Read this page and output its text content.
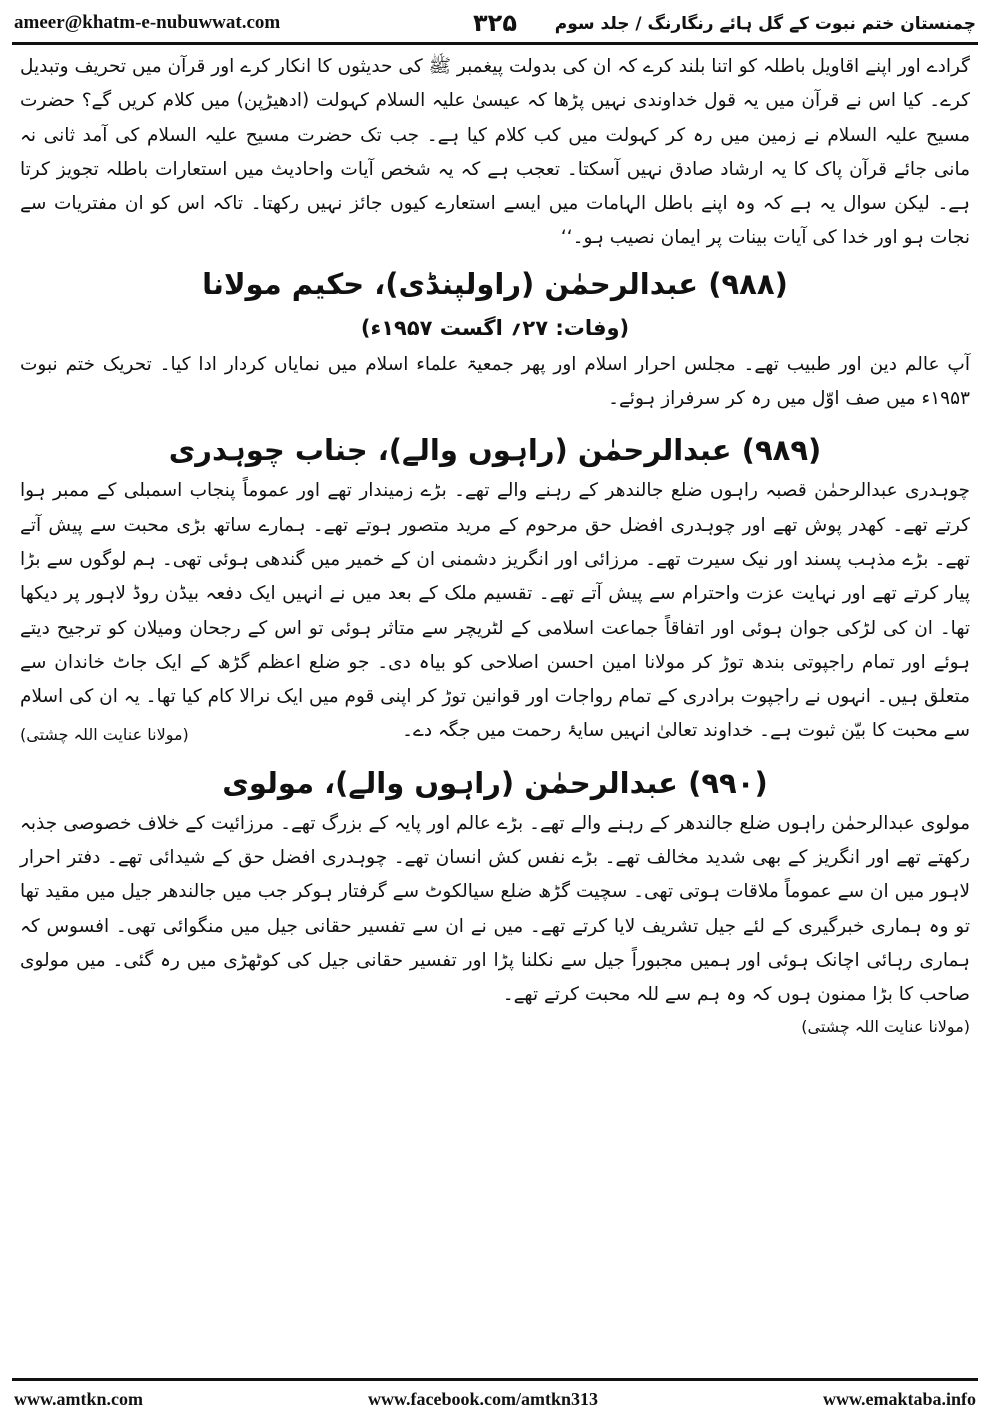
ameer@khatm-e-nubuwwat.com	۳۲۵ چمنستان ختم نبوت کے گل ہائے رنگارنگ / جلد سوم

گرادے اور اپنے اقاویل باطلہ کو اتنا بلند کرے کہ ان کی بدولت پیغمبر ﷺ کی حدیثوں کا انکار کرے اور قرآن میں تحریف وتبدیل کرے۔ کیا اس نے قرآن میں یہ قول خداوندی نہیں پڑھا کہ عیسیٰ علیہ السلام کہولت (ادھیڑپن) میں کلام کریں گے؟ حضرت مسیح علیہ السلام نے زمین میں رہ کر کہولت میں کب کلام کیا ہے۔ جب تک حضرت مسیح علیہ السلام کی آمد ثانی نہ مانی جائے قرآن پاک کا یہ ارشاد صادق نہیں آسکتا۔ تعجب ہے کہ یہ شخص آیات واحادیث میں استعارات باطلہ تجویز کرتا ہے۔ لیکن سوال یہ ہے کہ وہ اپنے باطل الہامات میں ایسے استعارے کیوں جائز نہیں رکھتا۔ تاکہ اس کو ان مفتریات سے نجات ہو اور خدا کی آیات بینات پر ایمان نصیب ہو۔‘‘

(۹۸۸) عبدالرحمٰن (راولپنڈی)، حکیم مولانا
(وفات: ۲۷؍ اگست ۱۹۵۷ء)

آپ عالم دین اور طبیب تھے۔ مجلس احرار اسلام اور پھر جمعیۃ علماء اسلام میں نمایاں کردار ادا کیا۔ تحریک ختم نبوت ۱۹۵۳ء میں صف اوّل میں رہ کر سرفراز ہوئے۔

(۹۸۹) عبدالرحمٰن (راہوں والے)، جناب چوہدری

چوہدری عبدالرحمٰن قصبہ راہوں ضلع جالندھر کے رہنے والے تھے۔ بڑے زمیندار تھے اور عموماً پنجاب اسمبلی کے ممبر ہوا کرتے تھے۔ کھدر پوش تھے اور چوہدری افضل حق مرحوم کے مرید متصور ہوتے تھے۔ ہمارے ساتھ بڑی محبت سے پیش آتے تھے۔ بڑے مذہب پسند اور نیک سیرت تھے۔ مرزائی اور انگریز دشمنی ان کے خمیر میں گندھی ہوئی تھی۔ ہم لوگوں سے بڑا پیار کرتے تھے اور نہایت عزت واحترام سے پیش آتے تھے۔ تقسیم ملک کے بعد میں نے انہیں ایک دفعہ بیڈن روڈ لاہور پر دیکھا تھا۔ ان کی لڑکی جوان ہوئی اور اتفاقاً جماعت اسلامی کے لٹریچر سے متاثر ہوئی تو اس کے رجحان ومیلان کو ترجیح دیتے ہوئے اور تمام راجپوتی بندھ توڑ کر مولانا امین احسن اصلاحی کو بیاہ دی۔ جو ضلع اعظم گڑھ کے ایک جاٹ خاندان سے متعلق ہیں۔ انہوں نے راجپوت برادری کے تمام رواجات اور قوانین توڑ کر اپنی قوم میں ایک نرالا کام کیا تھا۔ یہ ان کی اسلام سے محبت کا بیّن ثبوت ہے۔ خداوند تعالیٰ انہیں سایۂ رحمت میں جگہ دے۔

(مولانا عنایت اللہ چشتی)

(۹۹۰) عبدالرحمٰن (راہوں والے)، مولوی

مولوی عبدالرحمٰن راہوں ضلع جالندھر کے رہنے والے تھے۔ بڑے عالم اور پایہ کے بزرگ تھے۔ مرزائیت کے خلاف خصوصی جذبہ رکھتے تھے اور انگریز کے بھی شدید مخالف تھے۔ بڑے نفس کش انسان تھے۔ چوہدری افضل حق کے شیدائی تھے۔ دفتر احرار لاہور میں ان سے عموماً ملاقات ہوتی تھی۔ سچیت گڑھ ضلع سیالکوٹ سے گرفتار ہوکر جب میں جالندھر جیل میں مقید تھا تو وہ ہماری خبرگیری کے لئے جیل تشریف لایا کرتے تھے۔ میں نے ان سے تفسیر حقانی جیل میں منگوائی تھی۔ افسوس کہ ہماری رہائی اچانک ہوئی اور ہمیں مجبوراً جیل سے نکلنا پڑا اور تفسیر حقانی جیل کی کوٹھڑی میں رہ گئی۔ میں مولوی صاحب کا بڑا ممنون ہوں کہ وہ ہم سے للہ محبت کرتے تھے۔

(مولانا عنایت اللہ چشتی)

www.amtkn.com	www.facebook.com/amtkn313	www.emaktaba.info
